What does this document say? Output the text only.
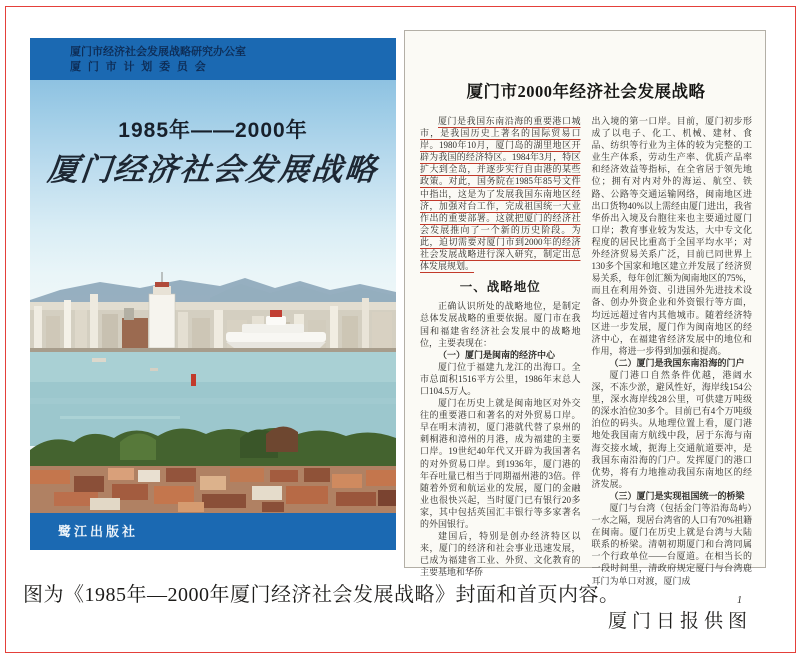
厦门市经济社会发展战略研究办公室
厦门市计划委员会
1985年——2000年
厦门经济社会发展战略
鹭江出版社
厦门市2000年经济社会发展战略

厦门是我国东南沿海的重要港口城市，是我国历史上著名的国际贸易口岸。1980年10月，厦门岛的湖里地区开辟为我国的经济特区。1984年3月，特区扩大到全岛，并逐步实行自由港的某些政策。对此，国务院在1985年85号文件中指出，这是为了发展我国东南地区经济，加强对台工作，完成祖国统一大业作出的重要部署。这就把厦门的经济社会发展推向了一个新的历史阶段。为此，迫切需要对厦门市到2000年的经济社会发展战略进行深入研究，制定出总体发展规划。

一、战略地位

正确认识所处的战略地位，是制定总体发展战略的重要依据。厦门市在我国和福建省经济社会发展中的战略地位，主要表现在：

（一）厦门是闽南的经济中心

厦门位于福建九龙江的出海口。全市总面积1516平方公里，1986年末总人口104.5万人。

厦门在历史上就是闽南地区对外交往的重要港口和著名的对外贸易口岸。早在明末清初，厦门港就代替了泉州的刺桐港和漳州的月港，成为福建的主要口岸。19世纪40年代又开辟为我国著名的对外贸易口岸。到1936年，厦门港的年吞吐量已相当于同期福州港的3倍。伴随着外贸和航运业的发展，厦门的金融业也很快兴起，当时厦门已有银行20多家，其中包括英国汇丰银行等多家著名的外国银行。

建国后，特别是创办经济特区以来，厦门的经济和社会事业迅速发展，已成为福建省工业、外贸、文化教育的主要基地和华侨

出入境的第一口岸。目前，厦门初步形成了以电子、化工、机械、建材、食品、纺织等行业为主体的较为完整的工业生产体系，劳动生产率、优质产品率和经济效益等指标，在全省居于领先地位；拥有对内对外的海运、航空、铁路、公路等交通运输网络，闽南地区进出口货物40%以上需经由厦门进出，我省华侨出入境及台胞往来也主要通过厦门口岸；教育事业较为发达，大中专文化程度的居民比重高于全国平均水平；对外经济贸易关系广泛，目前已同世界上130多个国家和地区建立并发展了经济贸易关系，每年创汇额为闽南地区的75%，而且在利用外资、引进国外先进技术设备、创办外资企业和外资银行等方面，均远远超过省内其他城市。随着经济特区进一步发展，厦门作为闽南地区的经济中心，在福建省经济发展中的地位和作用，将进一步得到加强和提高。

（二）厦门是我国东南沿海的门户

厦门港口自然条件优越，港阔水深，不冻少淤，避风性好，海岸线154公里，深水海岸线28公里，可供建万吨级的深水泊位30多个。目前已有4个万吨级泊位的码头。从地理位置上看，厦门港地处我国南方航线中段，居于东海与南海交接水域，扼海上交通航道要冲，是我国东南沿海的门户。发挥厦门的港口优势，将有力地推动我国东南地区的经济发展。

（三）厦门是实现祖国统一的桥梁

厦门与台湾（包括金门等沿海岛屿）一水之隔，现居台湾省的人口有70%祖籍在闽南。厦门在历史上就是台湾与大陆联系的桥梁。清朝初期厦门和台湾同属一个行政单位——台厦道。在相当长的一段时间里，清政府规定厦门与台湾鹿耳门为单口对渡，厦门成

1
图为《1985年—2000年厦门经济社会发展战略》封面和首页内容。
厦门日报供图
